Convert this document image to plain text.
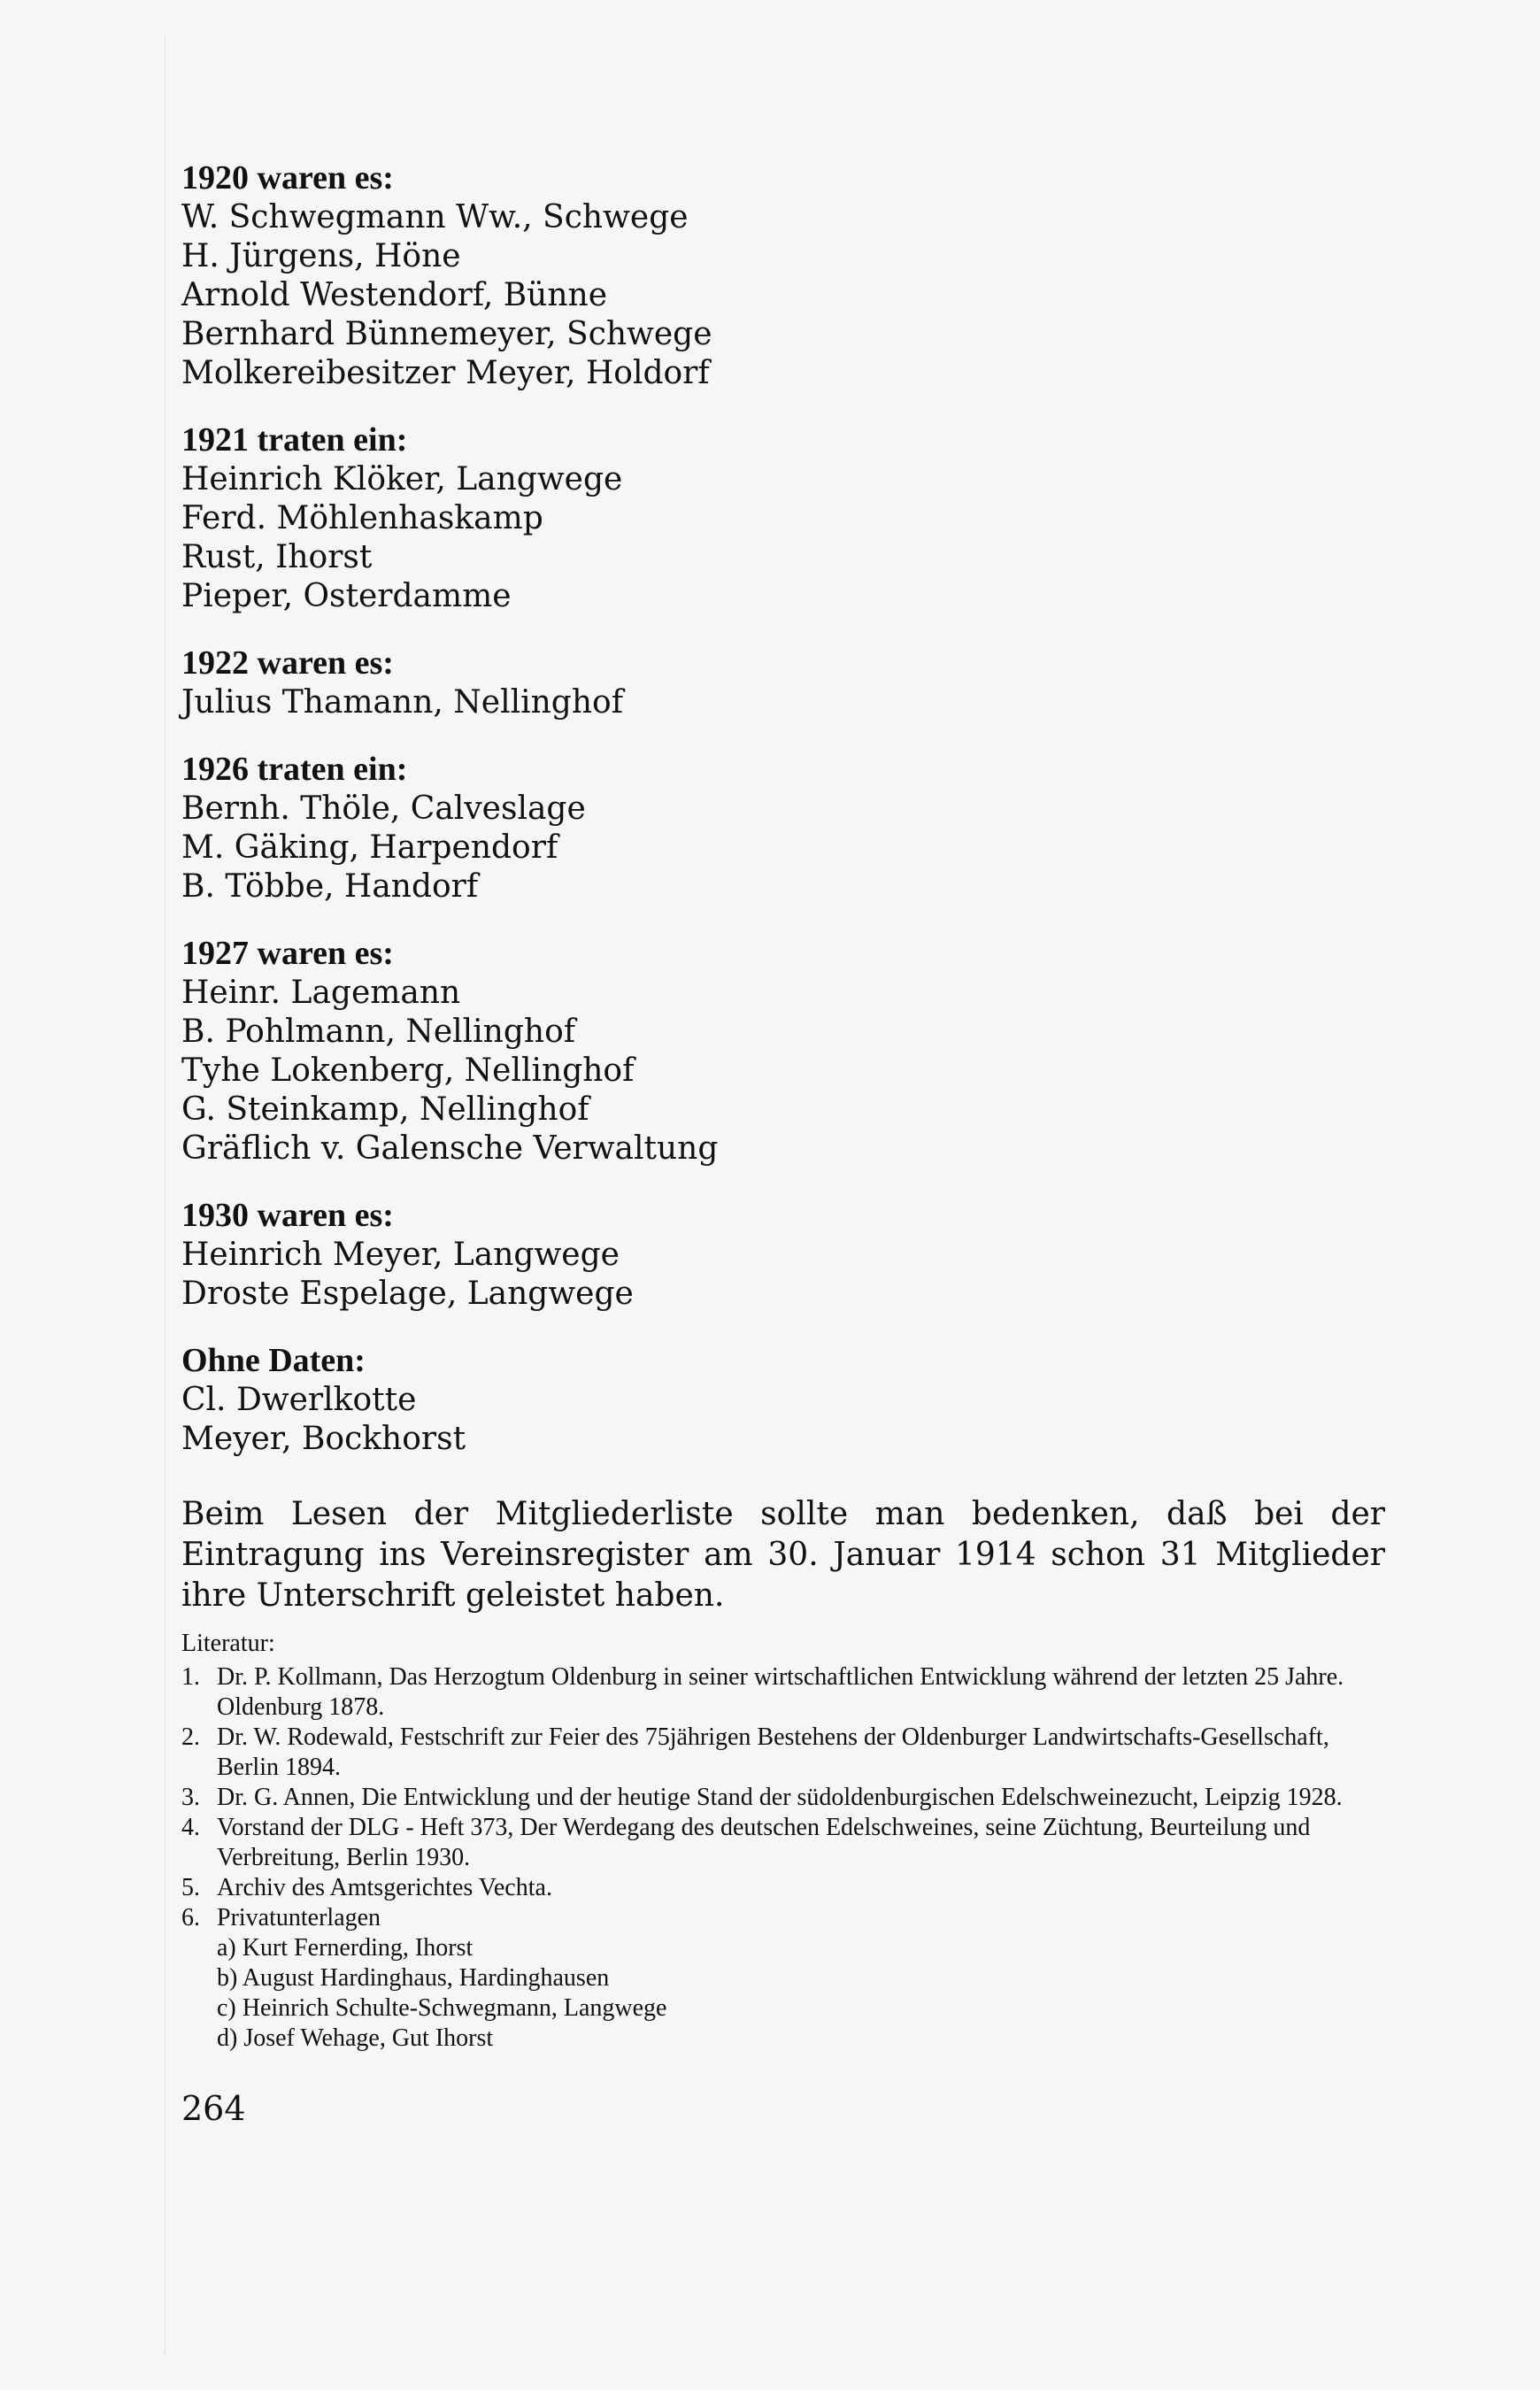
1920 waren es:
W. Schwegmann Ww., Schwege
H. Jürgens, Höne
Arnold Westendorf, Bünne
Bernhard Bünnemeyer, Schwege
Molkereibesitzer Meyer, Holdorf
1921 traten ein:
Heinrich Klöker, Langwege
Ferd. Möhlenhaskamp
Rust, Ihorst
Pieper, Osterdamme
1922 waren es:
Julius Thamann, Nellinghof
1926 traten ein:
Bernh. Thöle, Calveslage
M. Gäking, Harpendorf
B. Többe, Handorf
1927 waren es:
Heinr. Lagemann
B. Pohlmann, Nellinghof
Tyhe Lokenberg, Nellinghof
G. Steinkamp, Nellinghof
Gräflich v. Galensche Verwaltung
1930 waren es:
Heinrich Meyer, Langwege
Droste Espelage, Langwege
Ohne Daten:
Cl. Dwerlkotte
Meyer, Bockhorst

Beim Lesen der Mitgliederliste sollte man bedenken, daß bei der Eintragung ins Vereinsregister am 30. Januar 1914 schon 31 Mitglieder ihre Unterschrift geleistet haben.

Literatur:
1. Dr. P. Kollmann, Das Herzogtum Oldenburg in seiner wirtschaftlichen Entwicklung während der letzten 25 Jahre. Oldenburg 1878.
2. Dr. W. Rodewald, Festschrift zur Feier des 75jährigen Bestehens der Oldenburger Landwirtschafts-Gesellschaft, Berlin 1894.
3. Dr. G. Annen, Die Entwicklung und der heutige Stand der südoldenburgischen Edelschweinezucht, Leipzig 1928.
4. Vorstand der DLG - Heft 373, Der Werdegang des deutschen Edelschweines, seine Züchtung, Beurteilung und Verbreitung, Berlin 1930.
5. Archiv des Amtsgerichtes Vechta.
6. Privatunterlagen
a) Kurt Fernerding, Ihorst
b) August Hardinghaus, Hardinghausen
c) Heinrich Schulte-Schwegmann, Langwege
d) Josef Wehage, Gut Ihorst
264
